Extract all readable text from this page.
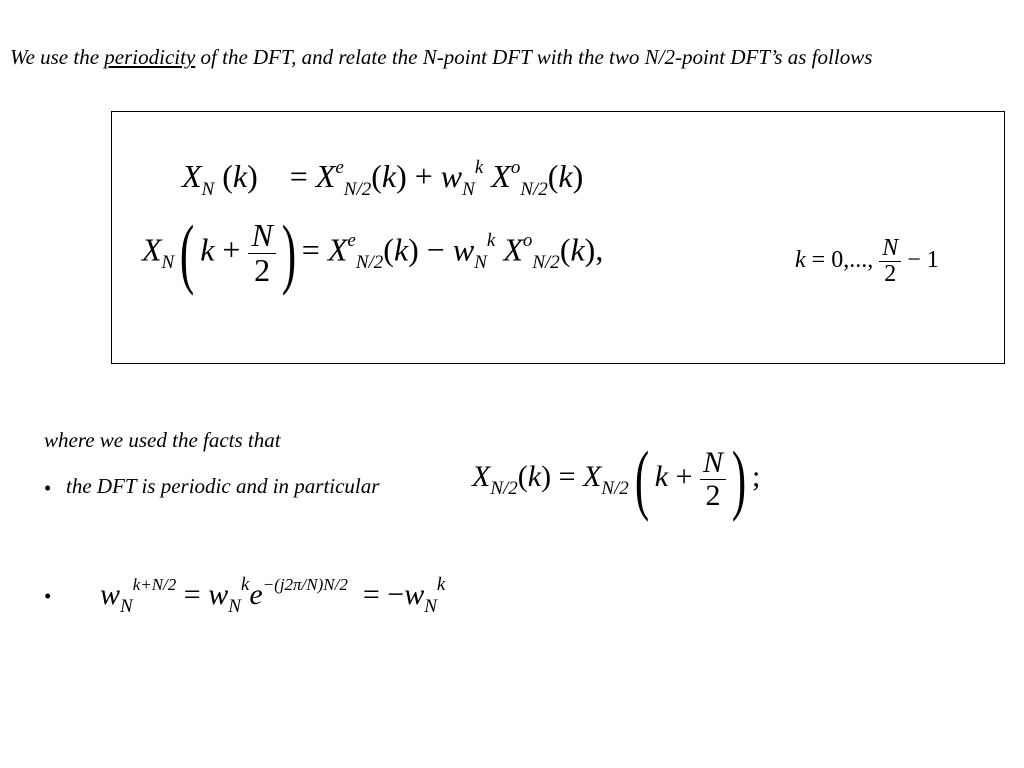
We use the periodicity of the DFT, and relate the N-point DFT with the two N/2-point DFT’s as follows
$X_N$ (k)    = $X^e_{N/2}(k) + w_N^k$ $X^o_{N/2}(k)$
$X_N$( $k + \frac{N}{2}$ ) = $X^e_{N/2}(k) - w_N^k$ $X^o_{N/2}(k)$,	k = 0,..., $\frac{N}{2} - 1$
where we used the facts that
• the DFT is periodic and in particular	$X_{N/2}(k) = X_{N/2}$( $k + \frac{N}{2}$ ) ;
• $w_N^{k+N/2} = w_N^ke^{-(j2\pi/N)N/2} = -w_N^k$
